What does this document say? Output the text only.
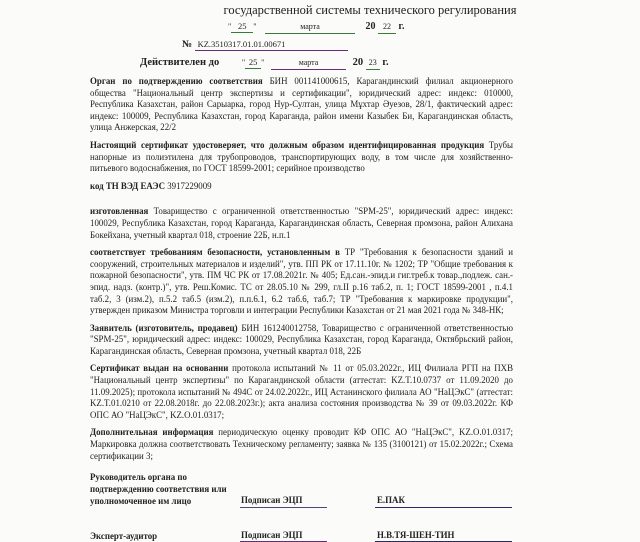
государственной системы технического регулирования
" 25 "	марта	20 22 г.
№ KZ.3510317.01.01.00671
Действителен до	" 25 "	марта	20 23 г.

Орган по подтверждению соответствия БИН 001141000615, Карагандинский филиал акционерного общества "Национальный центр экспертизы и сертификации", юридический адрес: индекс: 010000, Республика Казахстан, район Сарыарка, город Нур-Султан, улица Мұхтар Әуезов, 28/1, фактический адрес: индекс: 100009, Республика Казахстан, город Караганда, район имени Казыбек Би, Карагандинская область, улица Анжерская, 22/2

Настоящий сертификат удостоверяет, что должным образом идентифицированная продукция Трубы напорные из полиэтилена для трубопроводов, транспортирующих воду, в том числе для хозяйственно-питьевого водоснабжения, по ГОСТ 18599-2001; серийное производство

код ТН ВЭД ЕАЭС 3917229009

изготовленная Товарищество с ограниченной ответственностью "SPM-25", юридический адрес: индекс: 100029, Республика Казахстан, город Караганда, Карагандинская область, Северная промзона, район Алихана Бокейхана, учетный квартал 018, строение 22Б, н.п.1

соответствует требованиям безопасности, установленным в ТР "Требования к безопасности зданий и сооружений, строительных материалов и изделий", утв. ПП РК от 17.11.10г. № 1202; ТР "Общие требования к пожарной безопасности", утв. ПМ ЧС РК от 17.08.2021г. № 405; Ед.сан.-эпид.и гиг.треб.к товар.,подлеж. сан.-эпид. надз. (контр.)", утв. Реш.Комис. ТС от 28.05.10 № 299, гл.II р.16 таб.2, п. 1; ГОСТ 18599-2001 , п.4.1 таб.2, 3 (изм.2), п.5.2 таб.5 (изм.2), п.п.6.1, 6.2 таб.6, таб.7; ТР "Требования к маркировке продукции", утвержден приказом Министра торговли и интеграции Республики Казахстан от 21 мая 2021 года № 348-НК;

Заявитель (изготовитель, продавец) БИН 161240012758, Товарищество с ограниченной ответственностью "SPM-25", юридический адрес: индекс: 100029, Республика Казахстан, город Караганда, Октябрьский район, Карагандинская область, Северная промзона, учетный квартал 018, 22Б

Сертификат выдан на основании протокола испытаний № 11 от 05.03.2022г., ИЦ Филиала РГП на ПХВ "Национальный центр экспертизы" по Карагандинской области (аттестат: KZ.T.10.0737 от 11.09.2020 до 11.09.2025); протокола испытаний № 494С от 24.02.2022г., ИЦ Астанинского филиала АО "НаЦЭкС" (аттестат: KZ.T.01.0210 от 22.08.2018г. до 22.08.2023г.); акта анализа состояния производства № 39 от 09.03.2022г. КФ ОПС АО "НаЦЭкС", KZ.O.01.0317;

Дополнительная информация периодическую оценку проводит КФ ОПС АО "НаЦЭкС", KZ.O.01.0317; Маркировка должна соответствовать Техническому регламенту; заявка № 135 (3100121) от 15.02.2022г.; Схема сертификации 3;

Руководитель органа по подтверждению соответствия или уполномоченное им лицо	Подписан ЭЦП	Е.ПАК
Эксперт-аудитор	Подписан ЭЦП	Н.В.ТЯ-ШЕН-ТИН
